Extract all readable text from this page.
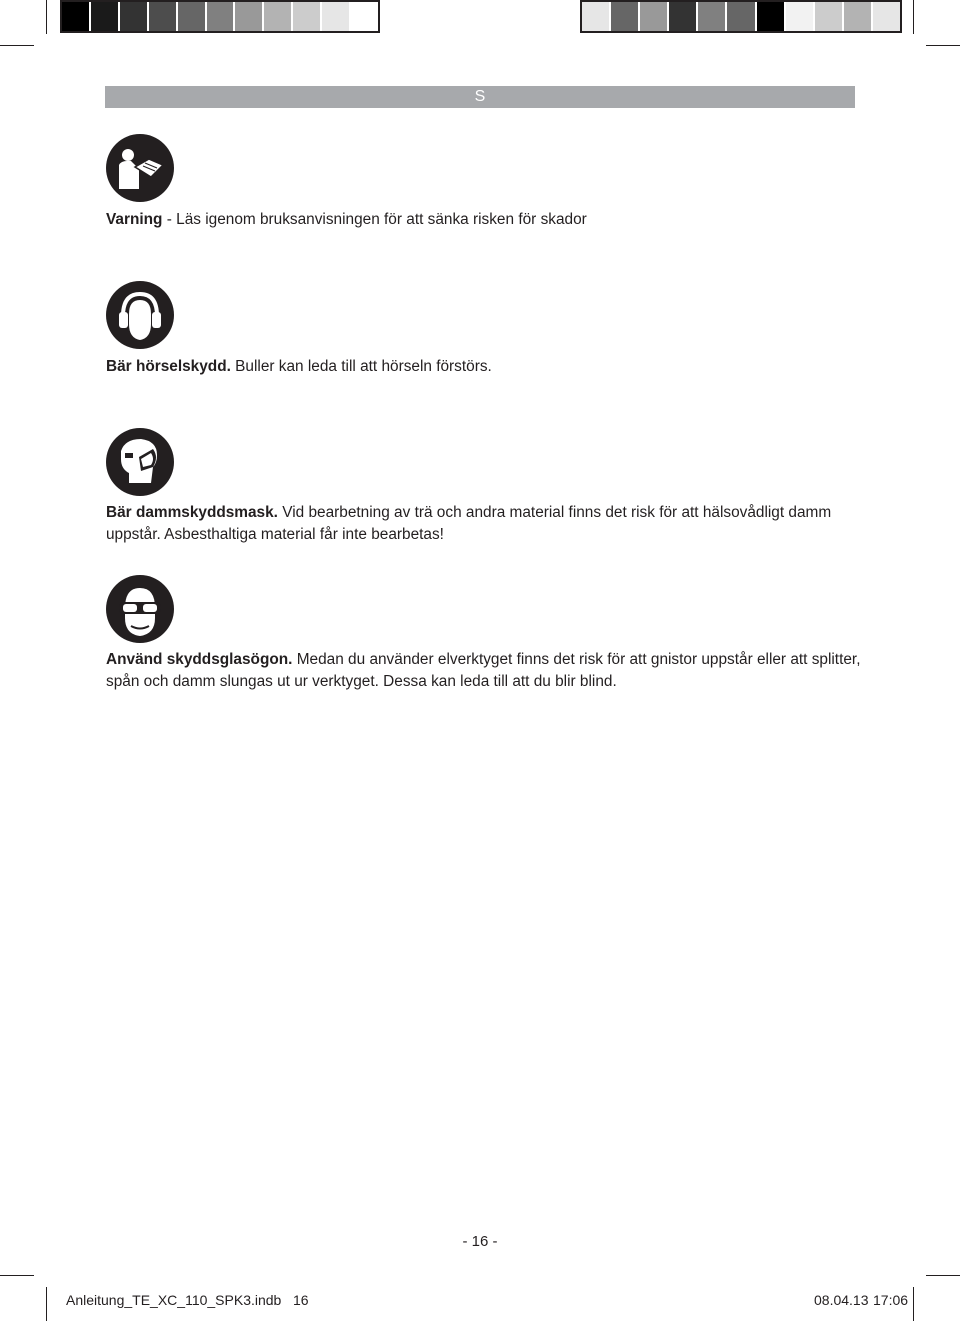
S

Varning - Läs igenom bruksanvisningen för att sänka risken för skador

Bär hörselskydd. Buller kan leda till att hörseln förstörs.

Bär dammskyddsmask. Vid bearbetning av trä och andra material finns det risk för att hälsovådligt damm uppstår. Asbesthaltiga material får inte bearbetas!

Använd skyddsglasögon. Medan du använder elverktyget finns det risk för att gnistor uppstår eller att splitter, spån och damm slungas ut ur verktyget. Dessa kan leda till att du blir blind.

- 16 -
Anleitung_TE_XC_110_SPK3.indb   16	08.04.13 17:06
